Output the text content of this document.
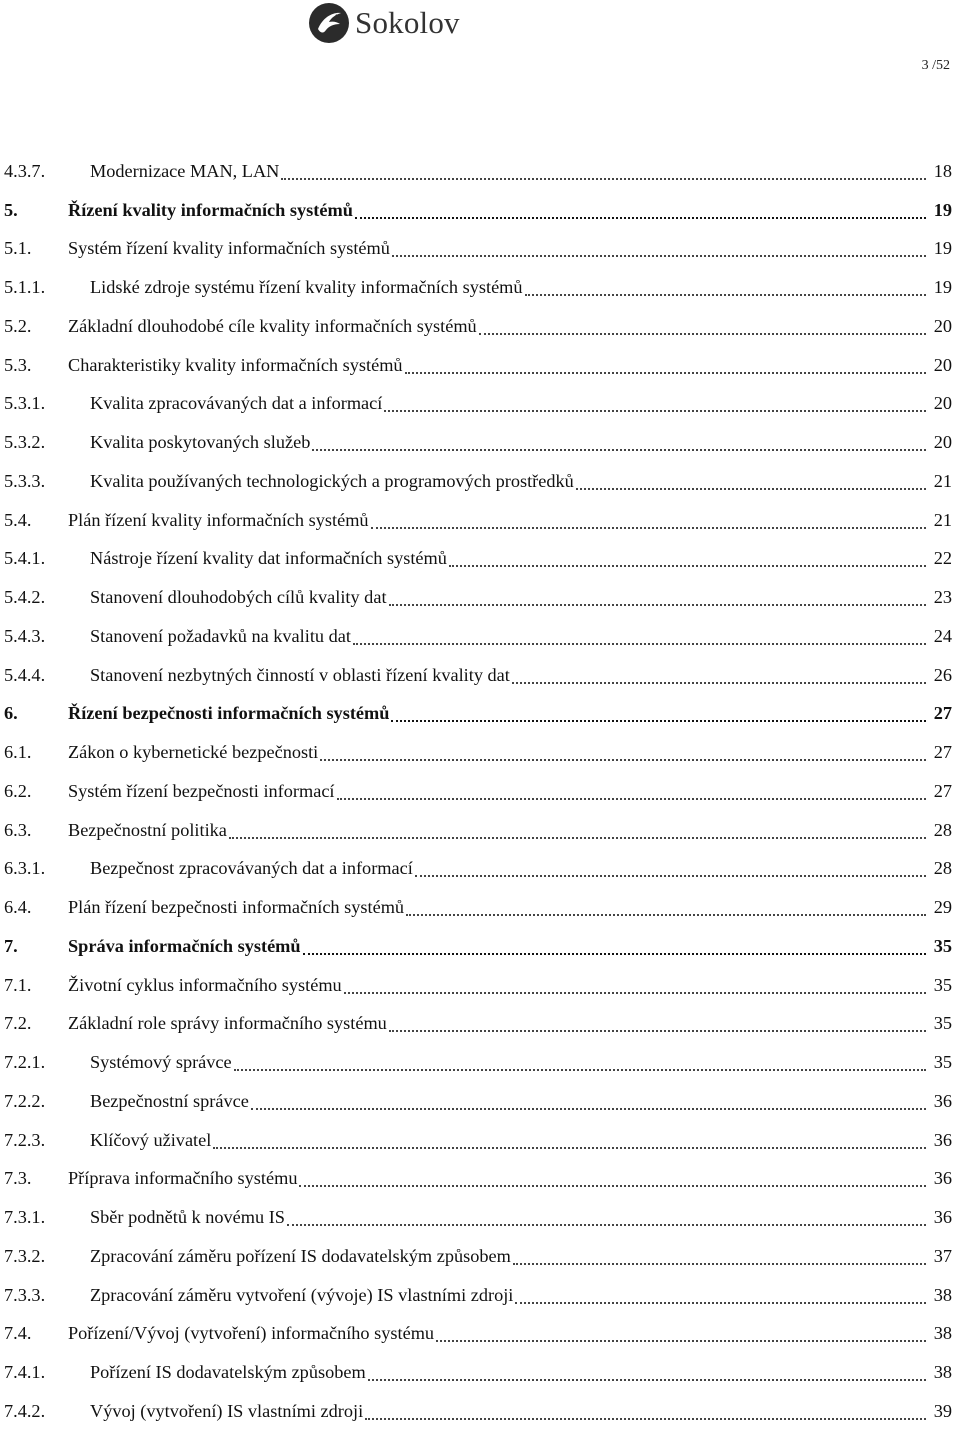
Sokolov
3 /52
4.3.7.	Modernizace MAN, LAN	18
5.	Řízení kvality informačních systémů	19
5.1.	Systém řízení kvality informačních systémů	19
5.1.1.	Lidské zdroje systému řízení kvality informačních systémů	19
5.2.	Základní dlouhodobé cíle kvality informačních systémů	20
5.3.	Charakteristiky kvality informačních systémů	20
5.3.1.	Kvalita zpracovávaných dat a informací	20
5.3.2.	Kvalita poskytovaných služeb	20
5.3.3.	Kvalita používaných technologických a programových prostředků	21
5.4.	Plán řízení kvality informačních systémů	21
5.4.1.	Nástroje řízení kvality dat informačních systémů	22
5.4.2.	Stanovení dlouhodobých cílů kvality dat	23
5.4.3.	Stanovení požadavků na kvalitu dat	24
5.4.4.	Stanovení nezbytných činností v oblasti řízení kvality dat	26
6.	Řízení bezpečnosti informačních systémů	27
6.1.	Zákon o kybernetické bezpečnosti	27
6.2.	Systém řízení bezpečnosti informací	27
6.3.	Bezpečnostní politika	28
6.3.1.	Bezpečnost zpracovávaných dat a informací	28
6.4.	Plán řízení bezpečnosti informačních systémů	29
7.	Správa informačních systémů	35
7.1.	Životní cyklus informačního systému	35
7.2.	Základní role správy informačního systému	35
7.2.1.	Systémový správce	35
7.2.2.	Bezpečnostní správce	36
7.2.3.	Klíčový uživatel	36
7.3.	Příprava informačního systému	36
7.3.1.	Sběr podnětů k novému IS	36
7.3.2.	Zpracování záměru pořízení IS dodavatelským způsobem	37
7.3.3.	Zpracování záměru vytvoření (vývoje) IS vlastními zdroji	38
7.4.	Pořízení/Vývoj (vytvoření) informačního systému	38
7.4.1.	Pořízení IS dodavatelským způsobem	38
7.4.2.	Vývoj (vytvoření) IS vlastními zdroji	39
